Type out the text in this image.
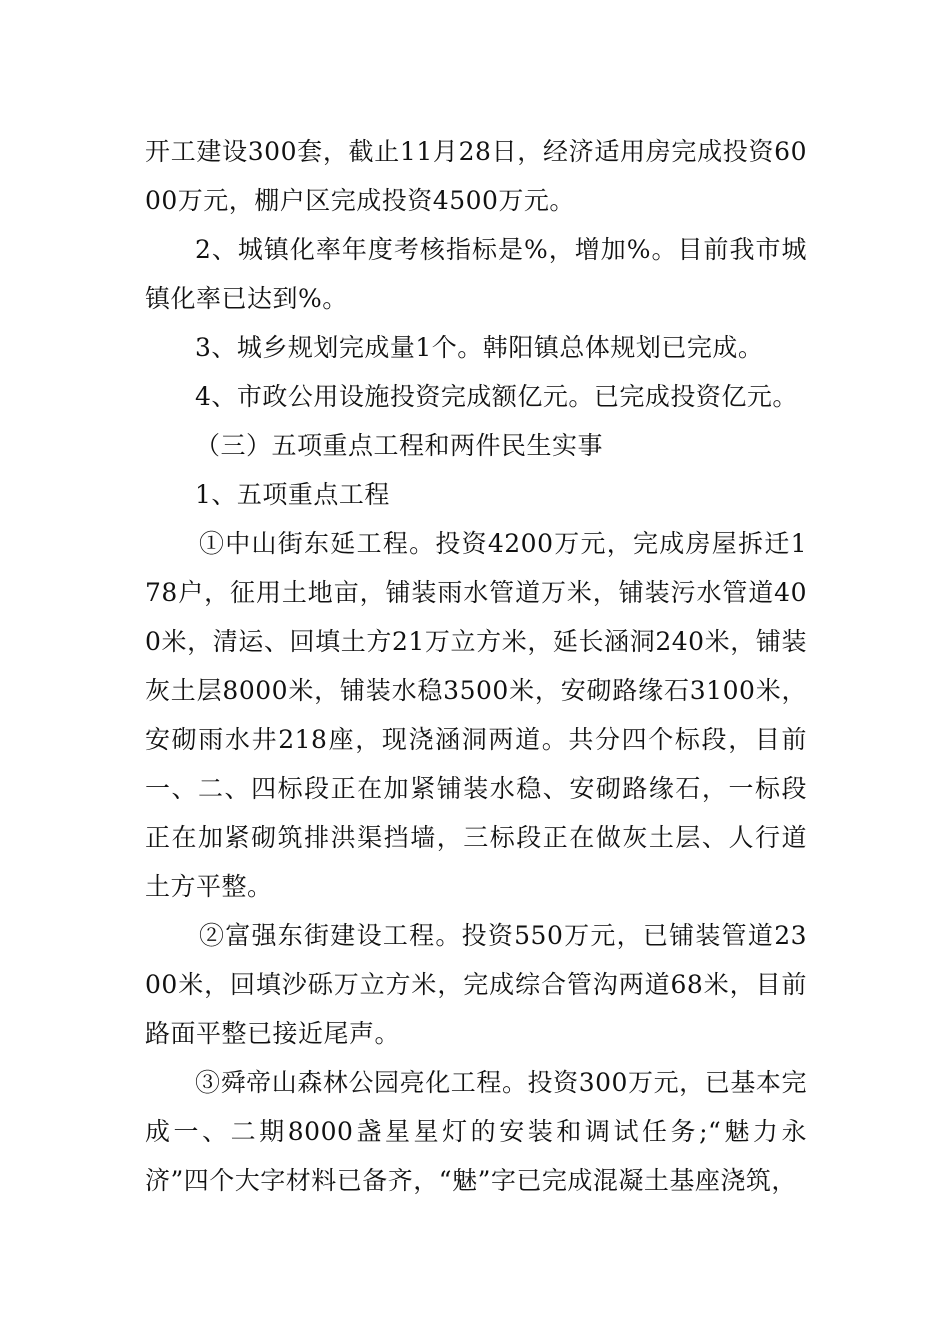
开工建设300套，截止11月28日，经济适用房完成投资6000万元，棚户区完成投资4500万元。

2、城镇化率年度考核指标是%，增加%。目前我市城镇化率已达到%。

3、城乡规划完成量1个。韩阳镇总体规划已完成。

4、市政公用设施投资完成额亿元。已完成投资亿元。

（三）五项重点工程和两件民生实事

1、五项重点工程

①中山街东延工程。投资4200万元，完成房屋拆迁178户，征用土地亩，铺装雨水管道万米，铺装污水管道400米，清运、回填土方21万立方米，延长涵洞240米，铺装灰土层8000米，铺装水稳3500米，安砌路缘石3100米，安砌雨水井218座，现浇涵洞两道。共分四个标段，目前一、二、四标段正在加紧铺装水稳、安砌路缘石，一标段正在加紧砌筑排洪渠挡墙，三标段正在做灰土层、人行道土方平整。

②富强东街建设工程。投资550万元，已铺装管道2300米，回填沙砾万立方米，完成综合管沟两道68米，目前路面平整已接近尾声。

③舜帝山森林公园亮化工程。投资300万元，已基本完成一、二期8000盏星星灯的安装和调试任务;“魅力永济”四个大字材料已备齐，“魅”字已完成混凝土基座浇筑，
